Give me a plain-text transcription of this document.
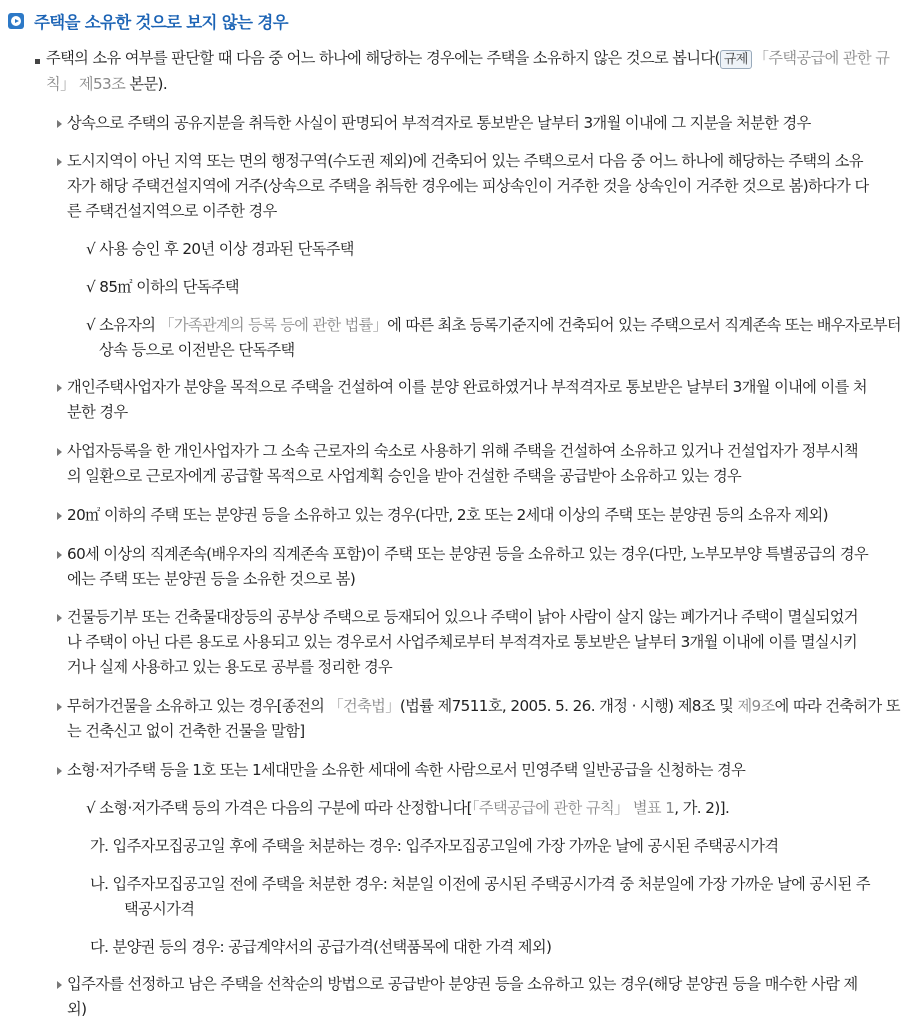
주택을 소유한 것으로 보지 않는 경우
주택의 소유 여부를 판단할 때 다음 중 어느 하나에 해당하는 경우에는 주택을 소유하지 않은 것으로 봅니다( 규제 「주택공급에 관한 규
칙」 제53조 본문).
상속으로 주택의 공유지분을 취득한 사실이 판명되어 부적격자로 통보받은 날부터 3개월 이내에 그 지분을 처분한 경우
도시지역이 아닌 지역 또는 면의 행정구역(수도권 제외)에 건축되어 있는 주택으로서 다음 중 어느 하나에 해당하는 주택의 소유
자가 해당 주택건설지역에 거주(상속으로 주택을 취득한 경우에는 피상속인이 거주한 것을 상속인이 거주한 것으로 봄)하다가 다
른 주택건설지역으로 이주한 경우
√ 사용 승인 후 20년 이상 경과된 단독주택
√ 85㎡ 이하의 단독주택
√ 소유자의 「가족관계의 등록 등에 관한 법률」에 따른 최초 등록기준지에 건축되어 있는 주택으로서 직계존속 또는 배우자로부터
상속 등으로 이전받은 단독주택
개인주택사업자가 분양을 목적으로 주택을 건설하여 이를 분양 완료하였거나 부적격자로 통보받은 날부터 3개월 이내에 이를 처
분한 경우
사업자등록을 한 개인사업자가 그 소속 근로자의 숙소로 사용하기 위해 주택을 건설하여 소유하고 있거나 건설업자가 정부시책
의 일환으로 근로자에게 공급할 목적으로 사업계획 승인을 받아 건설한 주택을 공급받아 소유하고 있는 경우
20㎡ 이하의 주택 또는 분양권 등을 소유하고 있는 경우(다만, 2호 또는 2세대 이상의 주택 또는 분양권 등의 소유자 제외)
60세 이상의 직계존속(배우자의 직계존속 포함)이 주택 또는 분양권 등을 소유하고 있는 경우(다만, 노부모부양 특별공급의 경우
에는 주택 또는 분양권 등을 소유한 것으로 봄)
건물등기부 또는 건축물대장등의 공부상 주택으로 등재되어 있으나 주택이 낡아 사람이 살지 않는 폐가거나 주택이 멸실되었거
나 주택이 아닌 다른 용도로 사용되고 있는 경우로서 사업주체로부터 부적격자로 통보받은 날부터 3개월 이내에 이를 멸실시키
거나 실제 사용하고 있는 용도로 공부를 정리한 경우
무허가건물을 소유하고 있는 경우[종전의 「건축법」(법률 제7511호, 2005. 5. 26. 개정 · 시행) 제8조 및 제9조에 따라 건축허가 또
는 건축신고 없이 건축한 건물을 말함]
소형·저가주택 등을 1호 또는 1세대만을 소유한 세대에 속한 사람으로서 민영주택 일반공급을 신청하는 경우
√ 소형·저가주택 등의 가격은 다음의 구분에 따라 산정합니다[「주택공급에 관한 규칙」 별표 1, 가. 2)].
가. 입주자모집공고일 후에 주택을 처분하는 경우: 입주자모집공고일에 가장 가까운 날에 공시된 주택공시가격
나. 입주자모집공고일 전에 주택을 처분한 경우: 처분일 이전에 공시된 주택공시가격 중 처분일에 가장 가까운 날에 공시된 주
택공시가격
다. 분양권 등의 경우: 공급계약서의 공급가격(선택품목에 대한 가격 제외)
입주자를 선정하고 남은 주택을 선착순의 방법으로 공급받아 분양권 등을 소유하고 있는 경우(해당 분양권 등을 매수한 사람 제
외)
